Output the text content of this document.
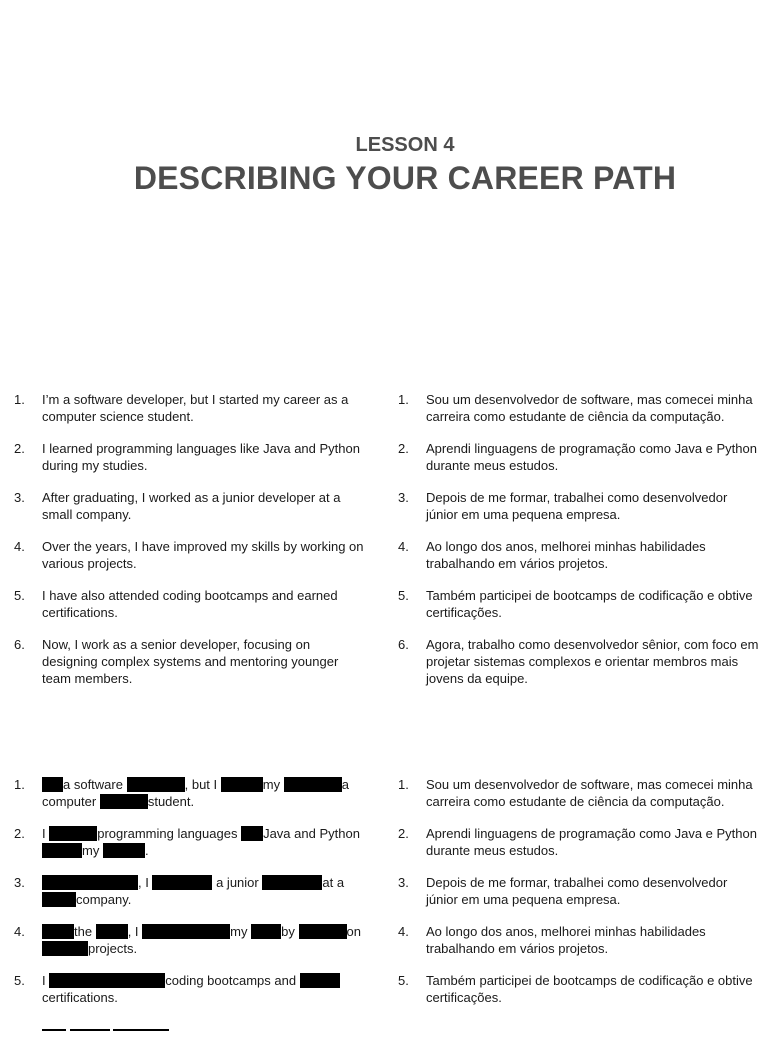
LESSON 4
DESCRIBING YOUR CAREER PATH
1. I’m a software developer, but I started my career as a computer science student.
2. I learned programming languages like Java and Python during my studies.
3. After graduating, I worked as a junior developer at a small company.
4. Over the years, I have improved my skills by working on various projects.
5. I have also attended coding bootcamps and earned certifications.
6. Now, I work as a senior developer, focusing on designing complex systems and mentoring younger team members.
1. Sou um desenvolvedor de software, mas comecei minha carreira como estudante de ciência da computação.
2. Aprendi linguagens de programação como Java e Python durante meus estudos.
3. Depois de me formar, trabalhei como desenvolvedor júnior em uma pequena empresa.
4. Ao longo dos anos, melhorei minhas habilidades trabalhando em vários projetos.
5. Também participei de bootcamps de codificação e obtive certificações.
6. Agora, trabalho como desenvolvedor sênior, com foco em projetar sistemas complexos e orientar membros mais jovens da equipe.
1.	a software	, but I	my	a
computer	student.
2. I	programming languages Java and Python
my	.
3.	, I	a junior	at a
company.
4.	the	, I	my	by	on
projects.
5. I	coding bootcamps and
certifications.

1. Sou um desenvolvedor de software, mas comecei minha carreira como estudante de ciência da computação.
2. Aprendi linguagens de programação como Java e Python durante meus estudos.
3. Depois de me formar, trabalhei como desenvolvedor júnior em uma pequena empresa.
4. Ao longo dos anos, melhorei minhas habilidades trabalhando em vários projetos.
5. Também participei de bootcamps de codificação e obtive certificações.
